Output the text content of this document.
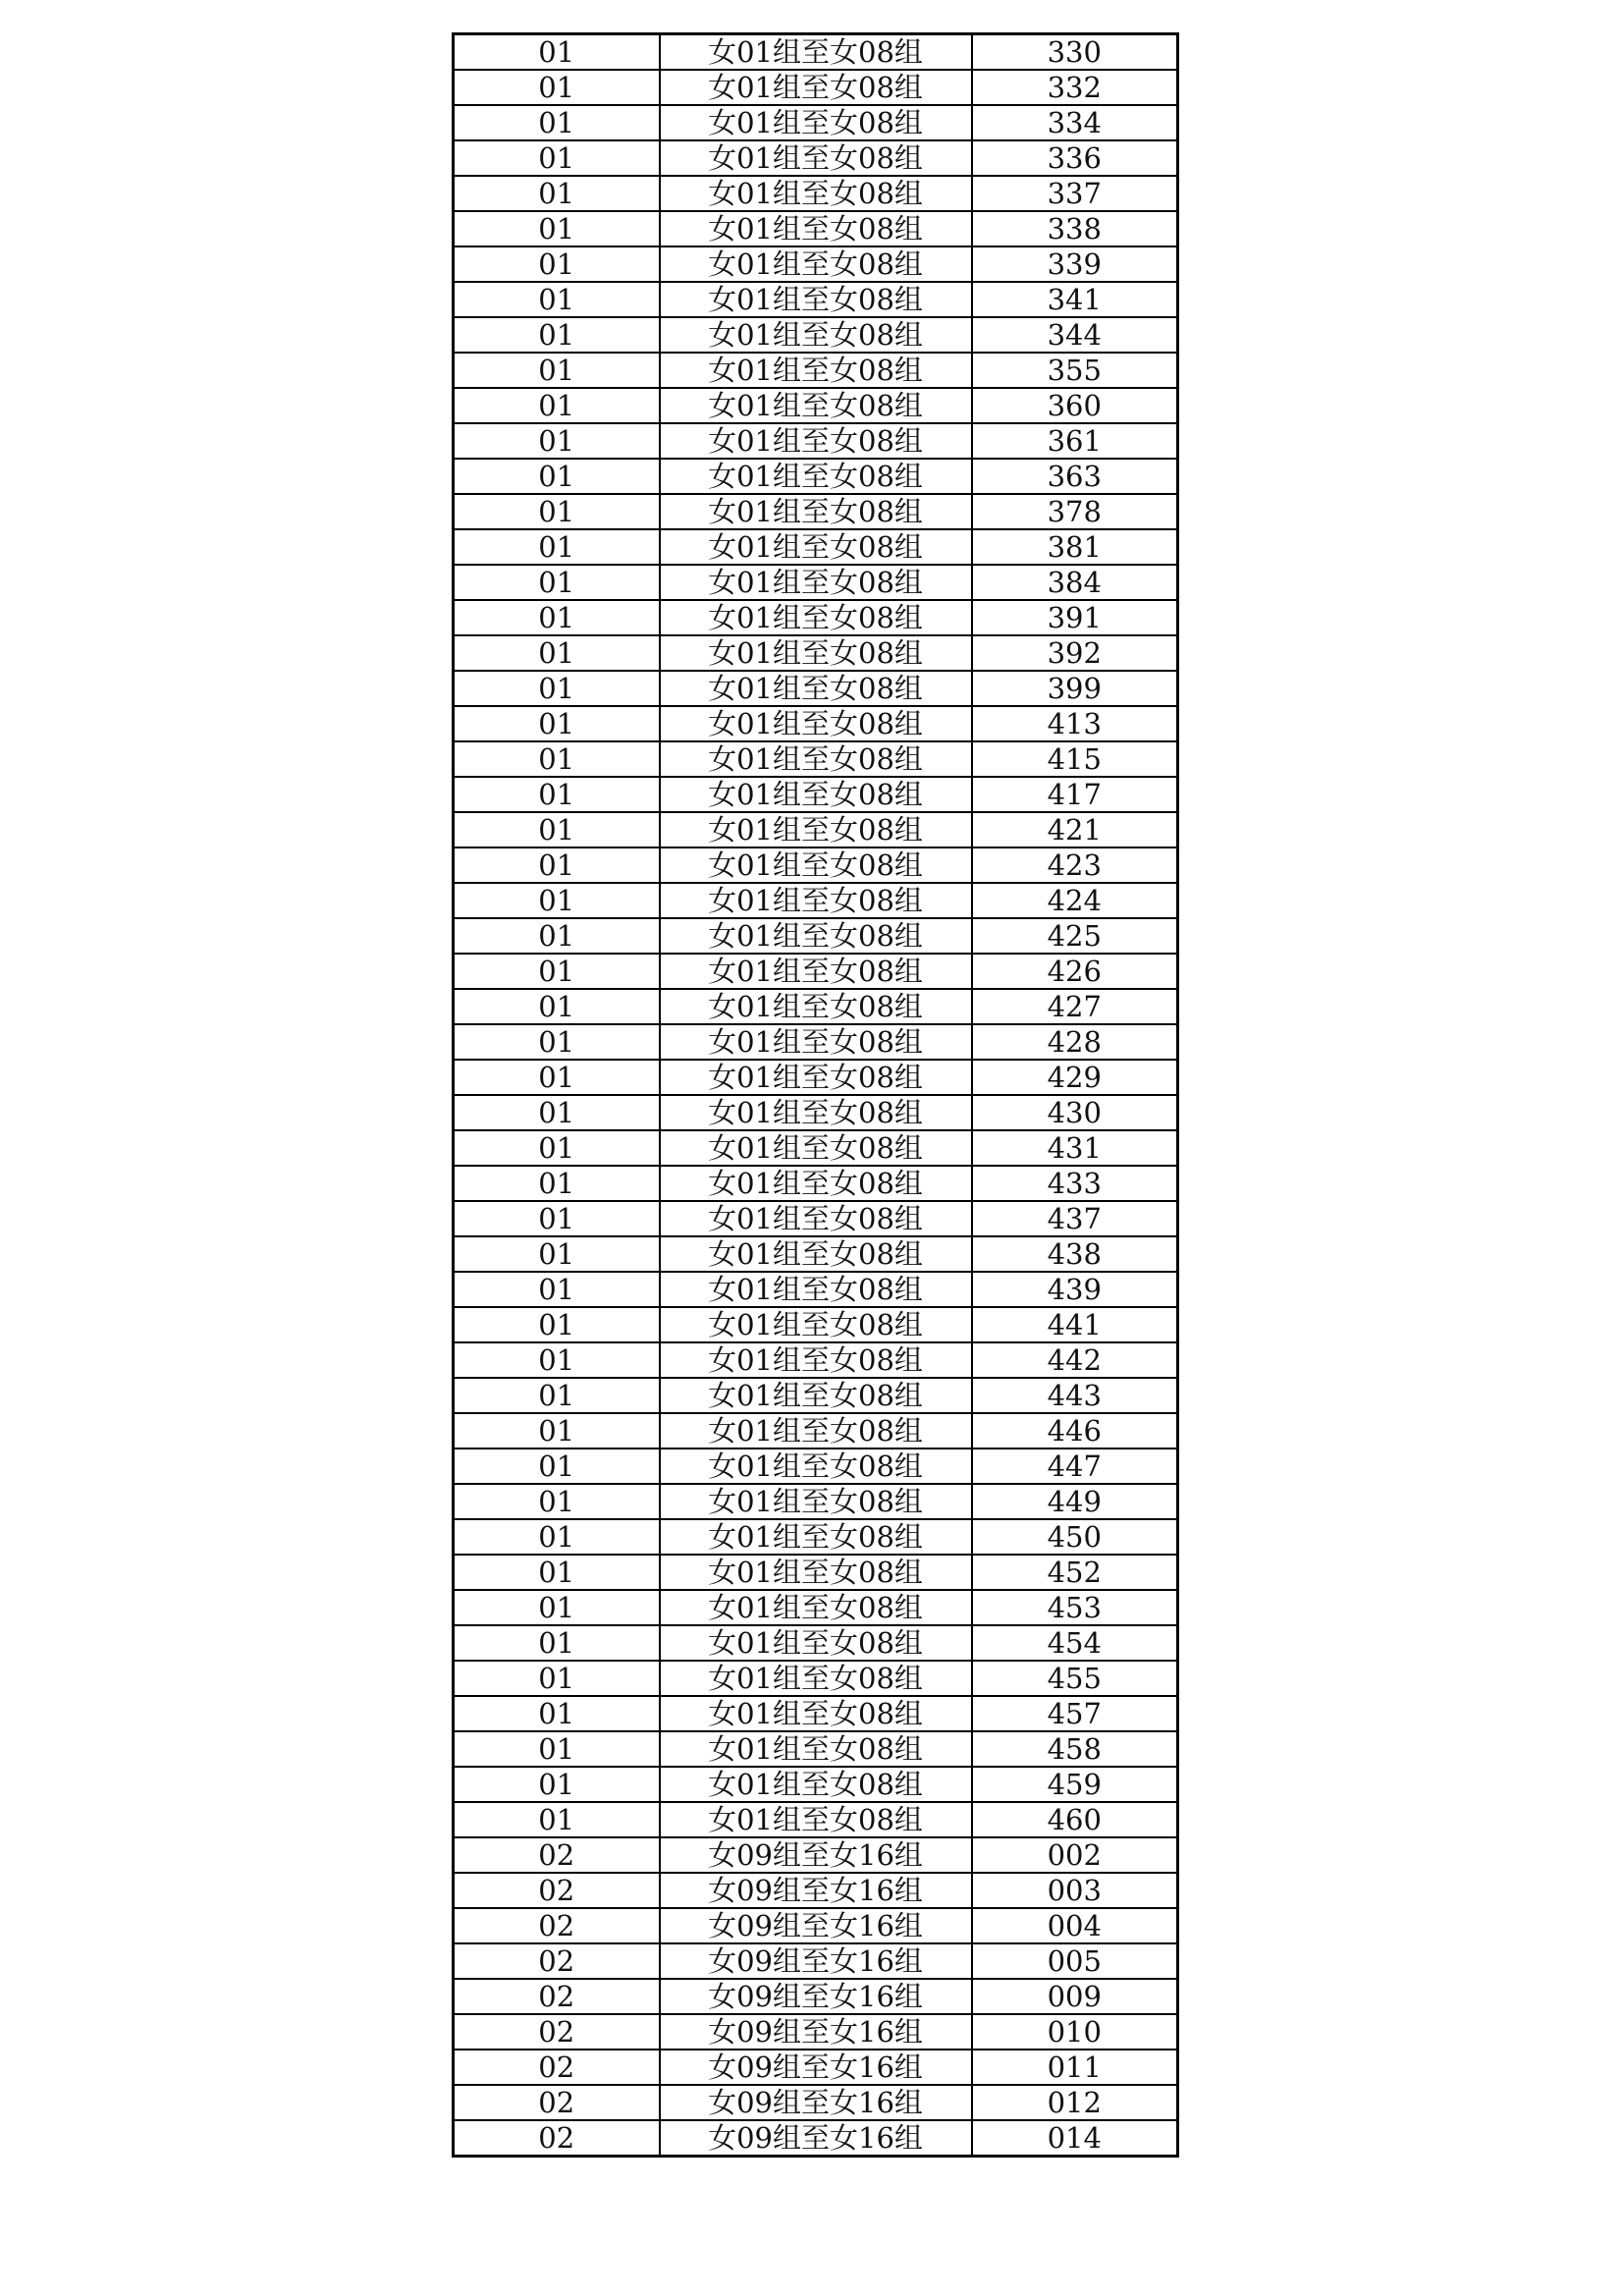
01	女01组至女08组	330
01	女01组至女08组	332
01	女01组至女08组	334
01	女01组至女08组	336
01	女01组至女08组	337
01	女01组至女08组	338
01	女01组至女08组	339
01	女01组至女08组	341
01	女01组至女08组	344
01	女01组至女08组	355
01	女01组至女08组	360
01	女01组至女08组	361
01	女01组至女08组	363
01	女01组至女08组	378
01	女01组至女08组	381
01	女01组至女08组	384
01	女01组至女08组	391
01	女01组至女08组	392
01	女01组至女08组	399
01	女01组至女08组	413
01	女01组至女08组	415
01	女01组至女08组	417
01	女01组至女08组	421
01	女01组至女08组	423
01	女01组至女08组	424
01	女01组至女08组	425
01	女01组至女08组	426
01	女01组至女08组	427
01	女01组至女08组	428
01	女01组至女08组	429
01	女01组至女08组	430
01	女01组至女08组	431
01	女01组至女08组	433
01	女01组至女08组	437
01	女01组至女08组	438
01	女01组至女08组	439
01	女01组至女08组	441
01	女01组至女08组	442
01	女01组至女08组	443
01	女01组至女08组	446
01	女01组至女08组	447
01	女01组至女08组	449
01	女01组至女08组	450
01	女01组至女08组	452
01	女01组至女08组	453
01	女01组至女08组	454
01	女01组至女08组	455
01	女01组至女08组	457
01	女01组至女08组	458
01	女01组至女08组	459
01	女01组至女08组	460
02	女09组至女16组	002
02	女09组至女16组	003
02	女09组至女16组	004
02	女09组至女16组	005
02	女09组至女16组	009
02	女09组至女16组	010
02	女09组至女16组	011
02	女09组至女16组	012
02	女09组至女16组	014
